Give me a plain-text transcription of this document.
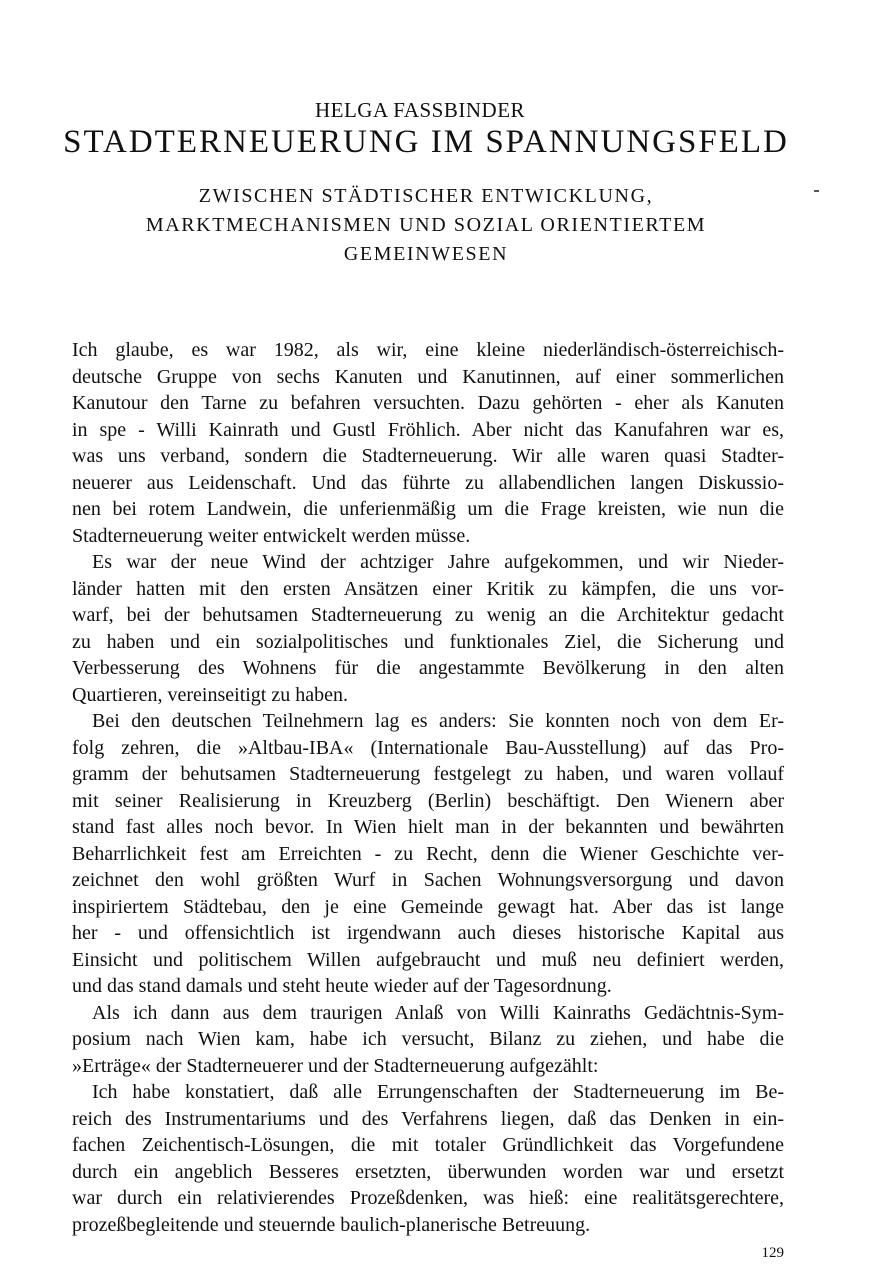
HELGA FASSBINDER
STADTERNEUERUNG IM SPANNUNGSFELD
ZWISCHEN STÄDTISCHER ENTWICKLUNG,
MARKTMECHANISMEN UND SOZIAL ORIENTIERTEM
GEMEINWESEN

Ich glaube, es war 1982, als wir, eine kleine niederländisch-österreichisch-
deutsche Gruppe von sechs Kanuten und Kanutinnen, auf einer sommerlichen
Kanutour den Tarne zu befahren versuchten. Dazu gehörten - eher als Kanuten
in spe - Willi Kainrath und Gustl Fröhlich. Aber nicht das Kanufahren war es,
was uns verband, sondern die Stadterneuerung. Wir alle waren quasi Stadter-
neuerer aus Leidenschaft. Und das führte zu allabendlichen langen Diskussio-
nen bei rotem Landwein, die unferienmäßig um die Frage kreisten, wie nun die
Stadterneuerung weiter entwickelt werden müsse.

Es war der neue Wind der achtziger Jahre aufgekommen, und wir Nieder-
länder hatten mit den ersten Ansätzen einer Kritik zu kämpfen, die uns vor-
warf, bei der behutsamen Stadterneuerung zu wenig an die Architektur gedacht
zu haben und ein sozialpolitisches und funktionales Ziel, die Sicherung und
Verbesserung des Wohnens für die angestammte Bevölkerung in den alten
Quartieren, vereinseitigt zu haben.

Bei den deutschen Teilnehmern lag es anders: Sie konnten noch von dem Er-
folg zehren, die »Altbau-IBA« (Internationale Bau-Ausstellung) auf das Pro-
gramm der behutsamen Stadterneuerung festgelegt zu haben, und waren vollauf
mit seiner Realisierung in Kreuzberg (Berlin) beschäftigt. Den Wienern aber
stand fast alles noch bevor. In Wien hielt man in der bekannten und bewährten
Beharrlichkeit fest am Erreichten - zu Recht, denn die Wiener Geschichte ver-
zeichnet den wohl größten Wurf in Sachen Wohnungsversorgung und davon
inspiriertem Städtebau, den je eine Gemeinde gewagt hat. Aber das ist lange
her - und offensichtlich ist irgendwann auch dieses historische Kapital aus
Einsicht und politischem Willen aufgebraucht und muß neu definiert werden,
und das stand damals und steht heute wieder auf der Tagesordnung.

Als ich dann aus dem traurigen Anlaß von Willi Kainraths Gedächtnis-Sym-
posium nach Wien kam, habe ich versucht, Bilanz zu ziehen, und habe die
»Erträge« der Stadterneuerer und der Stadterneuerung aufgezählt:

Ich habe konstatiert, daß alle Errungenschaften der Stadterneuerung im Be-
reich des Instrumentariums und des Verfahrens liegen, daß das Denken in ein-
fachen Zeichentisch-Lösungen, die mit totaler Gründlichkeit das Vorgefundene
durch ein angeblich Besseres ersetzten, überwunden worden war und ersetzt
war durch ein relativierendes Prozeßdenken, was hieß: eine realitätsgerechtere,
prozeßbegleitende und steuernde baulich-planerische Betreuung.

129
